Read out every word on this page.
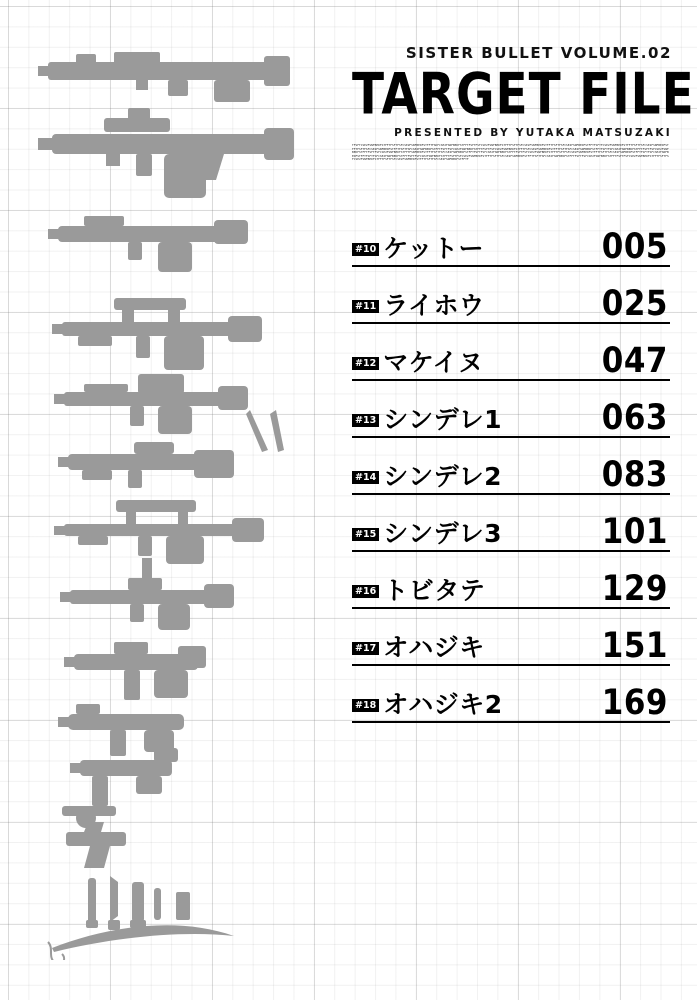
SISTER BULLET VOLUME.02
TARGET FILE
PRESENTED BY YUTAKA MATSUZAKI
TFSFTCSE2FSNFBEDFSTFFTFSFTFSFCSE2FSNFBEDFSTFFTFSDFCSE2FSNFBEDFSTFFTFSFTFSFCSE2FSNFBEDFSTFFTFSFTFSFCSE2FSNFBEDFSTFFTFSFTFSFCSE2FSNFBEDFSTFFTFSFTFCSE2FSNFBEDFSTFFTFSFTFSFCSE2FSNFBEDFSTFFTFSFTFSFCSE2FSNFBEDFSTFFTFSFTFSFCSE2FSNFBEDFSTFFTFSFTFSFCSE2FSNFBEDFSTFFTFSFTFSFCSE2FSNFBEDFSTFFTFSFCSE2FSNFBEDFSTFFTFSFTFSFCSE2FSNFBEDFSTFFTFSFTFSFCSE2FSNFBEDFSTFFTFSFTFSFCSE2FSNFBEDFSTFFTFSFTFSFCSE2FSNFBEDFSTFFTFSNFBEDFSTFFTFSFTFSFCSE2FSNFBEDFSTFFTFSFTFSFCSE2FSNFBEDFSTFFTFSFTFSFCSE2FSNFBEDFSTFFTFSFTFSFCSE2FSNFBEDFSTFFTFSFTFSFCSE2FSNFBEDFSTFFTFSFTFSFCSE2FSNFBEDFSTFFTFSFTFSFCSE2FSNFBEDFSTFFTFSFTFSFCSE2FSNFBEDFSTFFTFSFTFSFCSE2FSNFBEDFSTFFTFSFTFSFCSE2FSNFBEDFSTFFTFSFTFSFCSE2FSNFBEDFSTFFTFSFTFSFCSE2FSNFBEDFSTFFTFSFTFSFCSE2FSNFBEDFSTFFTFSFTFSFCSE2FSNFBEDFSTFFTFSFTFSFCSE2FSNFBEDFSTFFTFSFTFSFCSE2FSNFBEDFSTFFTF
#10 ケットー	005
#11 ライホウ	025
#12 マケイヌ	047
#13 シンデレ1	063
#14 シンデレ2	083
#15 シンデレ3	101
#16 トビタテ	129
#17 オハジキ	151
#18 オハジキ2	169
